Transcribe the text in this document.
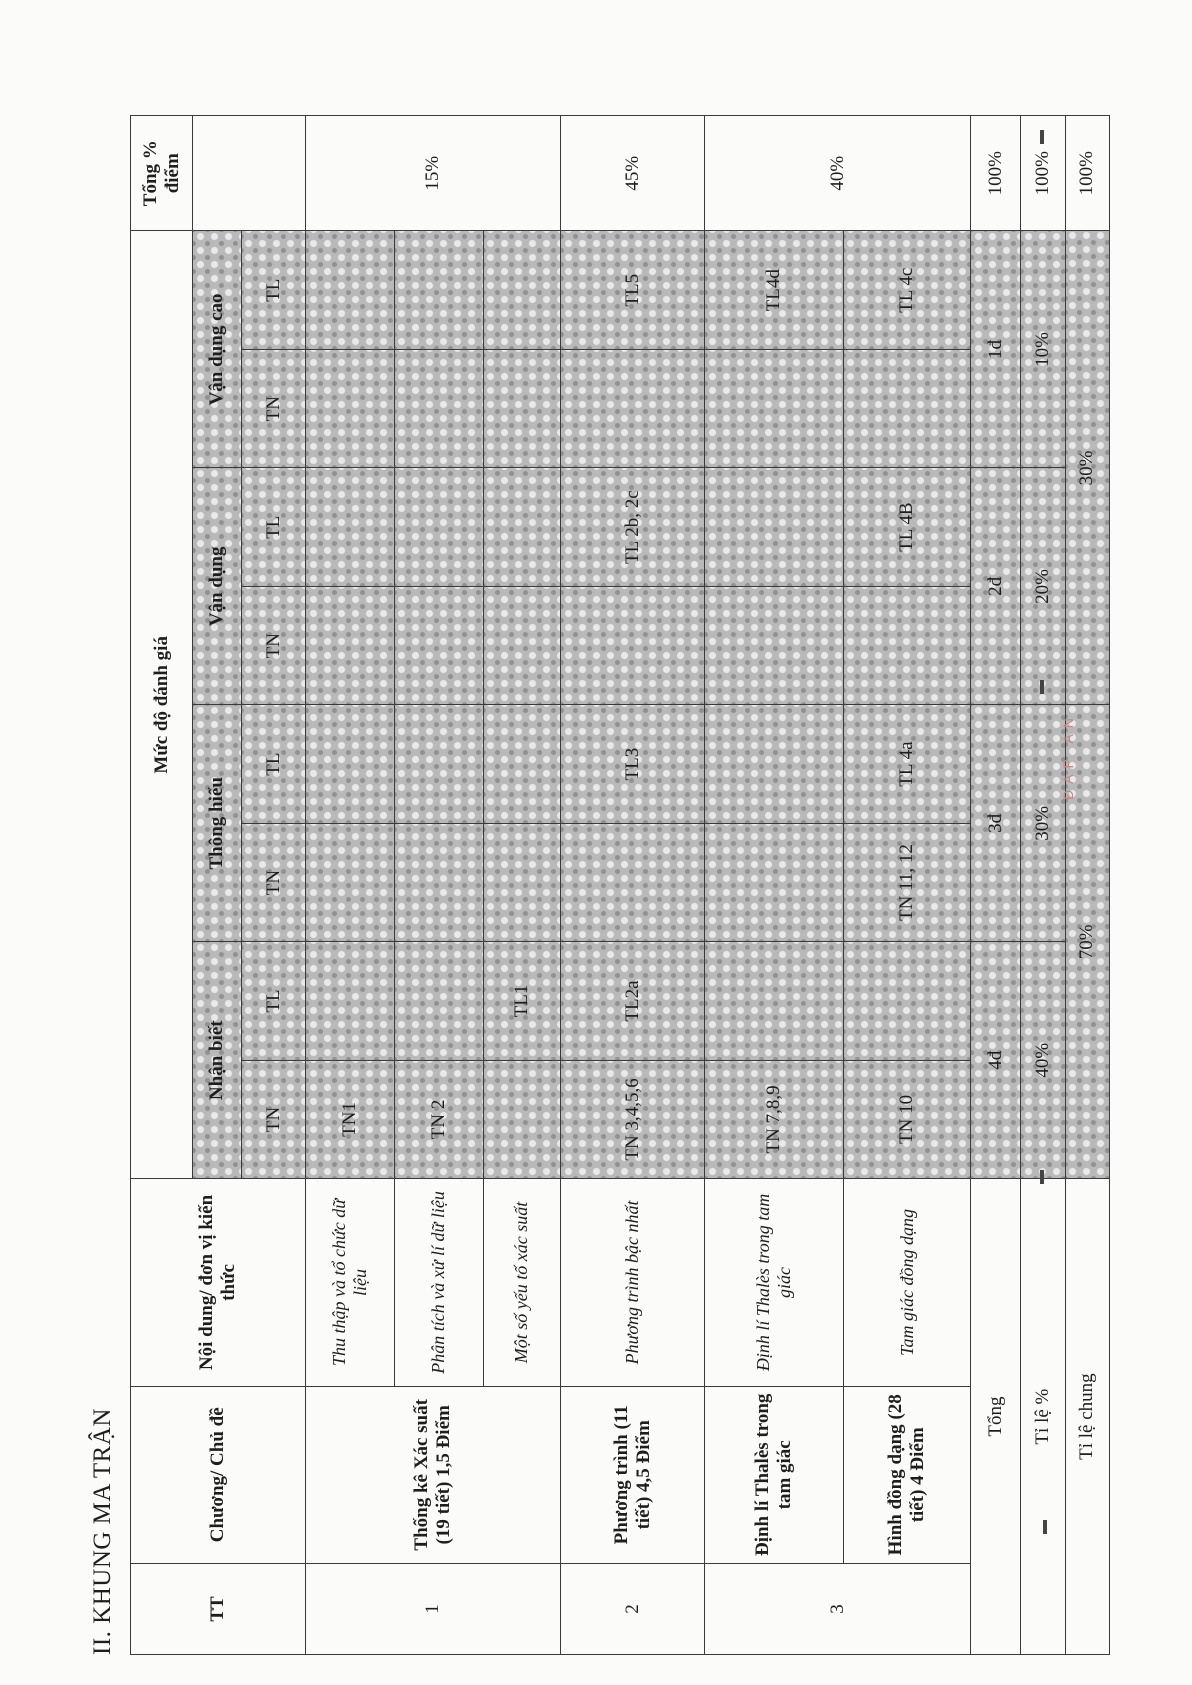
II. KHUNG MA TRẬN	TT	Chương/ Chủ đề	Nội dung/ đơn vị kiến thức	Mức độ đánh giá								Tổng % điểm
			Nhận biết		Thông hiểu		Vận dụng		Vận dụng cao		
			TN	TL	TN	TL	TN	TL	TN	TL	
1	Thống kê Xác suất (19 tiết) 1,5 Điểm	Thu thập và tổ chức dữ liệu	TN1								15%
		Phân tích và xử lí dữ liệu	TN 2								
		Một số yếu tố xác suất		TL1							
2	Phương trình (11 tiết) 4,5 Điểm	Phương trình bậc nhất	TN 3,4,5,6	TL2a		TL3		TL 2b, 2c		TL5	45%
3	Định lí Thalès trong tam giác	Định lí Thalès trong tam giác	TN 7,8,9							TL4d	40%
	Hình đồng dạng (28 tiết) 4 Điểm	Tam giác đồng dạng	TN 10		TN 11, 12	TL 4a		TL 4B		TL 4c	
Tổng			4đ		3đ		2đ		1đ		100%
Tỉ lệ %			40%		30%		20%		10%		100%
Tỉ lệ chung			70%				30%				100%
ĐÁP ÁN
